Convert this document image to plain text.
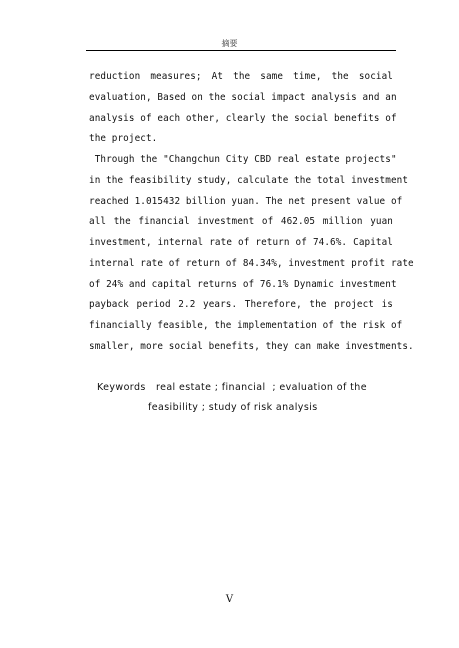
摘要
reduction measures; At the same time, the social
evaluation, Based on the social impact analysis and an
analysis of each other, clearly the social benefits of
the project.
Through the "Changchun City CBD real estate projects"
in the feasibility study, calculate the total investment
reached 1.015432 billion yuan. The net present value of
all the financial investment of 462.05 million yuan
investment, internal rate of return of 74.6%. Capital
internal rate of return of 84.34%, investment profit rate
of 24% and capital returns of 76.1% Dynamic investment
payback period 2.2 years. Therefore, the project is
financially feasible, the implementation of the risk of
smaller, more social benefits, they can make investments.
Keywords   real estate ; financial  ; evaluation of the
feasibility ; study of risk analysis
V
